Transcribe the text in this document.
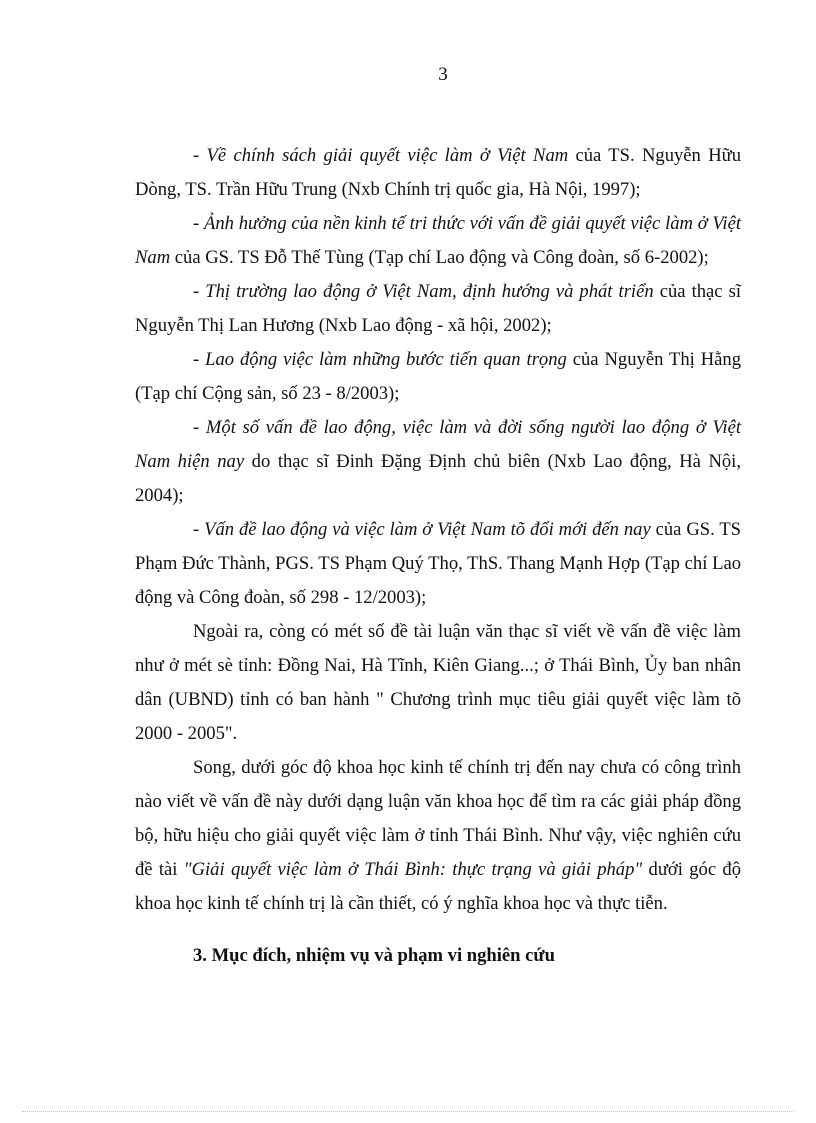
3

- Về chính sách giải quyết việc làm ở Việt Nam của TS. Nguyễn Hữu Dòng, TS. Trần Hữu Trung (Nxb Chính trị quốc gia, Hà Nội, 1997);

- Ảnh hưởng của nền kinh tế tri thức với vấn đề giải quyết việc làm ở Việt Nam của GS. TS Đỗ Thế Tùng (Tạp chí Lao động và Công đoàn, số 6-2002);

- Thị trường lao động ở Việt Nam, định hướng và phát triển của thạc sĩ Nguyễn Thị Lan Hương (Nxb Lao động - xã hội, 2002);

- Lao động việc làm những bước tiến quan trọng của Nguyễn Thị Hằng (Tạp chí Cộng sản, số 23 - 8/2003);

- Một số vấn đề lao động, việc làm và đời sống người lao động ở Việt Nam hiện nay do thạc sĩ Đinh Đặng Định chủ biên (Nxb Lao động, Hà Nội, 2004);

- Vấn đề lao động và việc làm ở Việt Nam tõ đổi mới đến nay của GS. TS Phạm Đức Thành, PGS. TS Phạm Quý Thọ, ThS. Thang Mạnh Hợp (Tạp chí Lao động và Công đoàn, số 298 - 12/2003);

Ngoài ra, còng có mét số đề tài luận văn thạc sĩ viết về vấn đề việc làm như ở mét sè tỉnh: Đồng Nai, Hà Tĩnh, Kiên Giang...; ở Thái Bình, Ủy ban nhân dân (UBND) tỉnh có ban hành " Chương trình mục tiêu giải quyết việc làm tõ 2000 - 2005".

Song, dưới góc độ khoa học kinh tế chính trị đến nay chưa có công trình nào viết về vấn đề này dưới dạng luận văn khoa học để tìm ra các giải pháp đồng bộ, hữu hiệu cho giải quyết việc làm ở tỉnh Thái Bình. Như vậy, việc nghiên cứu đề tài "Giải quyết việc làm ở Thái Bình: thực trạng và giải pháp" dưới góc độ khoa học kinh tế chính trị là cần thiết, có ý nghĩa khoa học và thực tiễn.

3. Mục đích, nhiệm vụ và phạm vi nghiên cứu
